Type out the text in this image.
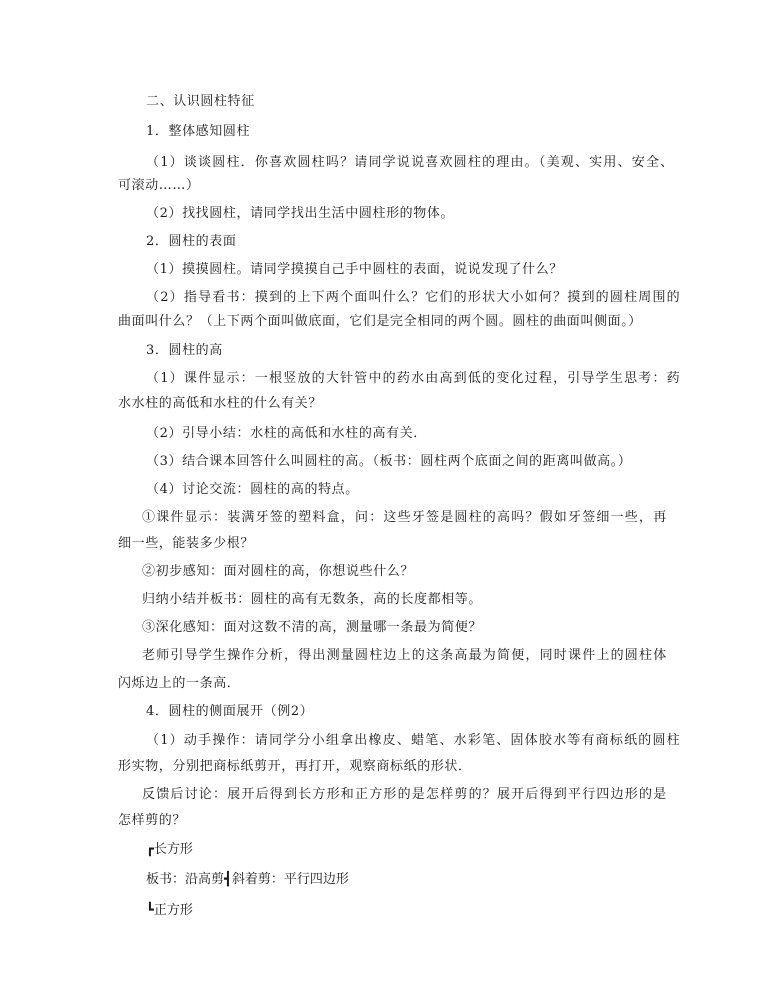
二、认识圆柱特征
1．整体感知圆柱
（1）谈谈圆柱．你喜欢圆柱吗？请同学说说喜欢圆柱的理由。（美观、实用、安全、
可滚动……）
（2）找找圆柱，请同学找出生活中圆柱形的物体。
2．圆柱的表面
（1）摸摸圆柱。请同学摸摸自己手中圆柱的表面，说说发现了什么？
（2）指导看书：摸到的上下两个面叫什么？它们的形状大小如何？摸到的圆柱周围的
曲面叫什么？（上下两个面叫做底面，它们是完全相同的两个圆。圆柱的曲面叫侧面。）
3．圆柱的高
（1）课件显示：一根竖放的大针管中的药水由高到低的变化过程，引导学生思考：药
水水柱的高低和水柱的什么有关？
（2）引导小结：水柱的高低和水柱的高有关．
（3）结合课本回答什么叫圆柱的高。（板书：圆柱两个底面之间的距离叫做高。）
（4）讨论交流：圆柱的高的特点。
①课件显示：装满牙签的塑料盒，问：这些牙签是圆柱的高吗？假如牙签细一些，再
细一些，能装多少根？
②初步感知：面对圆柱的高，你想说些什么？
归纳小结并板书：圆柱的高有无数条，高的长度都相等。
③深化感知：面对这数不清的高，测量哪一条最为简便？
老师引导学生操作分析，得出测量圆柱边上的这条高最为简便，同时课件上的圆柱体
闪烁边上的一条高．
4．圆柱的侧面展开（例2）
（1）动手操作：请同学分小组拿出橡皮、蜡笔、水彩笔、固体胶水等有商标纸的圆柱
形实物，分别把商标纸剪开，再打开，观察商标纸的形状．
反馈后讨论：展开后得到长方形和正方形的是怎样剪的？展开后得到平行四边形的是
怎样剪的？
┏长方形
板书：沿高剪┫斜着剪：平行四边形
┗正方形
